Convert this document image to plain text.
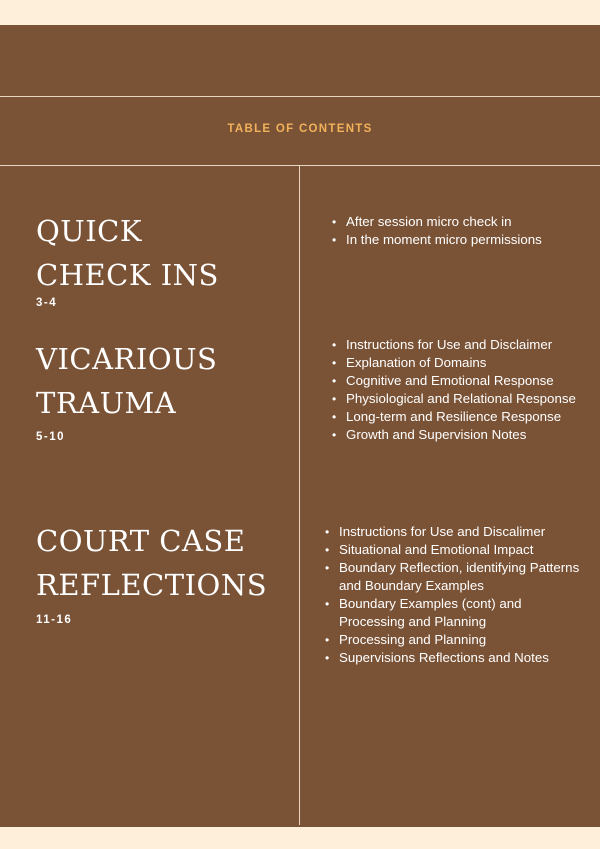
TABLE OF CONTENTS
QUICK
CHECK INS
3-4
• After session micro check in
• In the moment micro permissions
VICARIOUS
TRAUMA
5-10
• Instructions for Use and Disclaimer
• Explanation of Domains
• Cognitive and Emotional Response
• Physiological and Relational Response
• Long-term and Resilience Response
• Growth and Supervision Notes
COURT CASE
REFLECTIONS
11-16
• Instructions for Use and Discalimer
• Situational and Emotional Impact
• Boundary Reflection, identifying Patterns and Boundary Examples
• Boundary Examples (cont) and Processing and Planning
• Processing and Planning
• Supervisions Reflections and Notes
